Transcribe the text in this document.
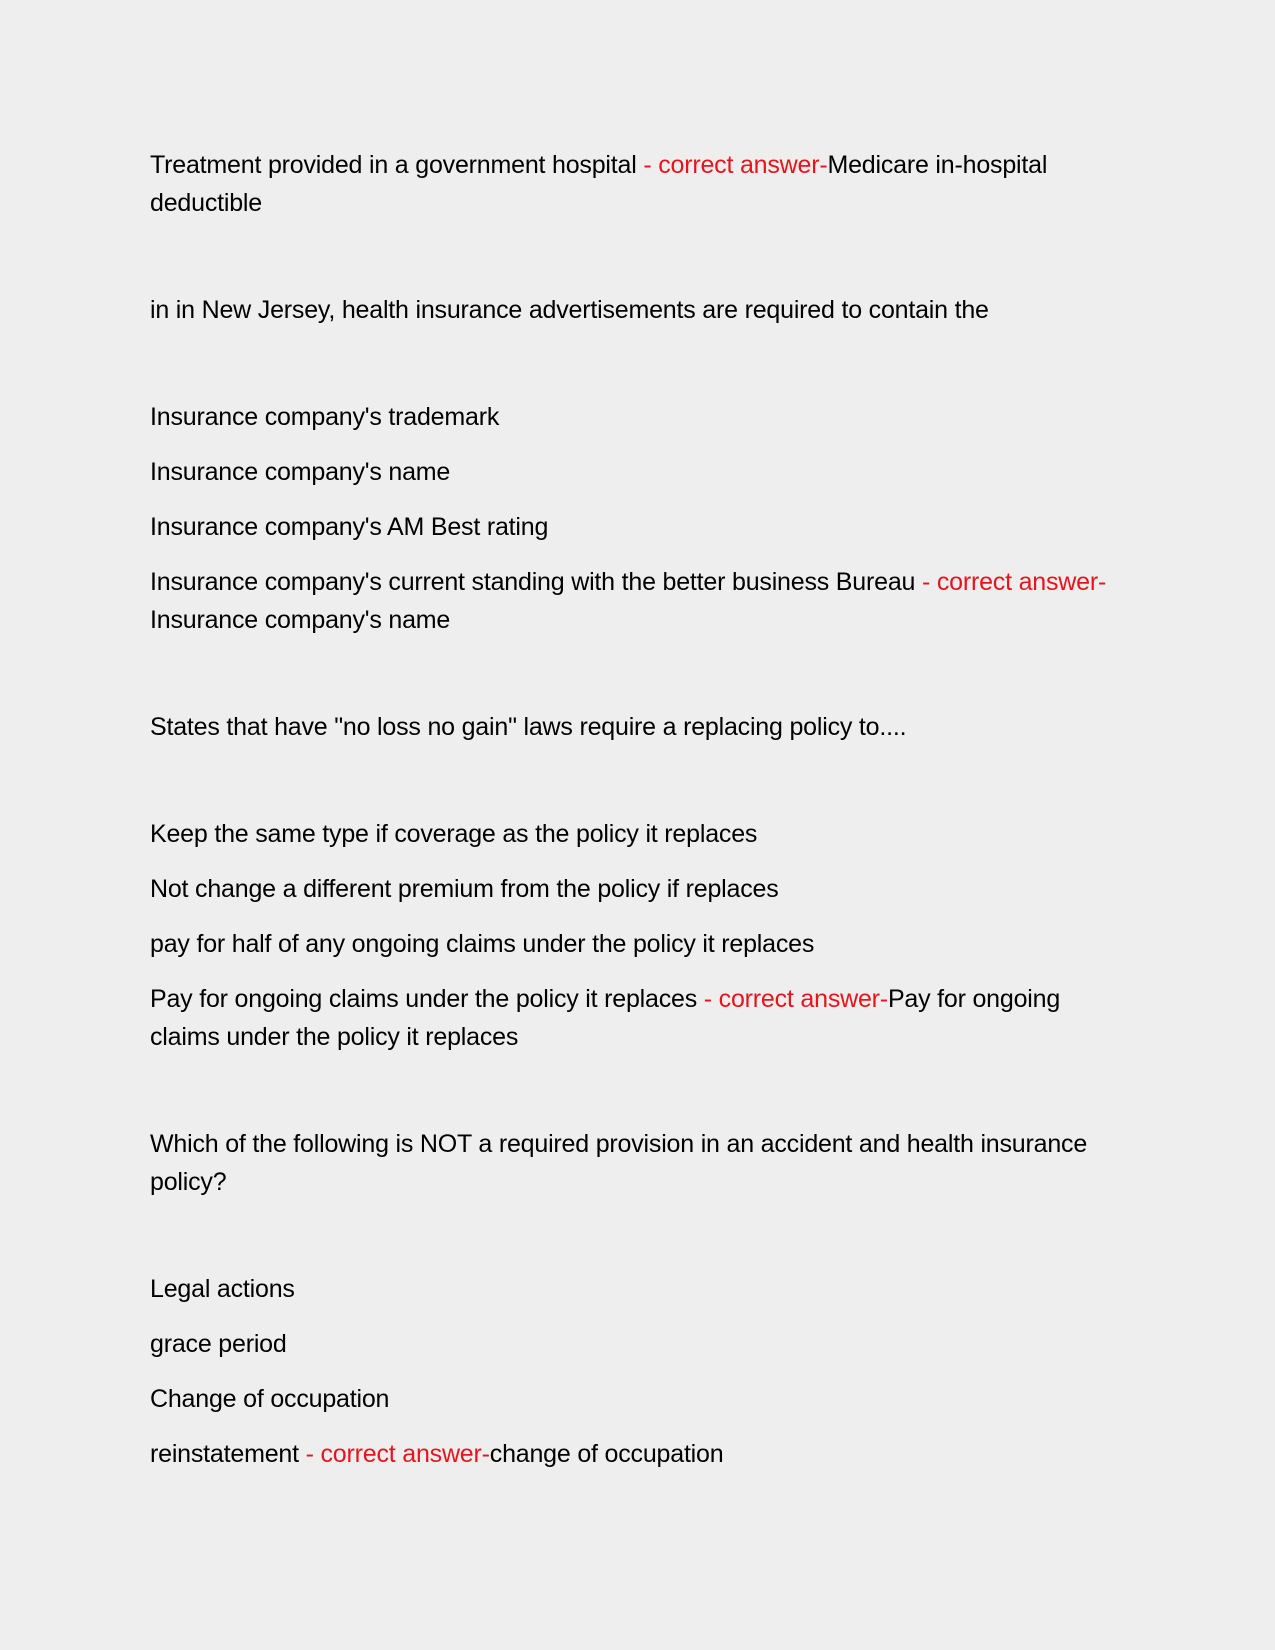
Treatment provided in a government hospital - correct answer-Medicare in-hospital deductible

in in New Jersey, health insurance advertisements are required to contain the

Insurance company's trademark

Insurance company's name

Insurance company's AM Best rating

Insurance company's current standing with the better business Bureau - correct answer-Insurance company's name

States that have "no loss no gain" laws require a replacing policy to....

Keep the same type if coverage as the policy it replaces

Not change a different premium from the policy if replaces

pay for half of any ongoing claims under the policy it replaces

Pay for ongoing claims under the policy it replaces - correct answer-Pay for ongoing claims under the policy it replaces

Which of the following is NOT a required provision in an accident and health insurance policy?

Legal actions

grace period

Change of occupation

reinstatement - correct answer-change of occupation
